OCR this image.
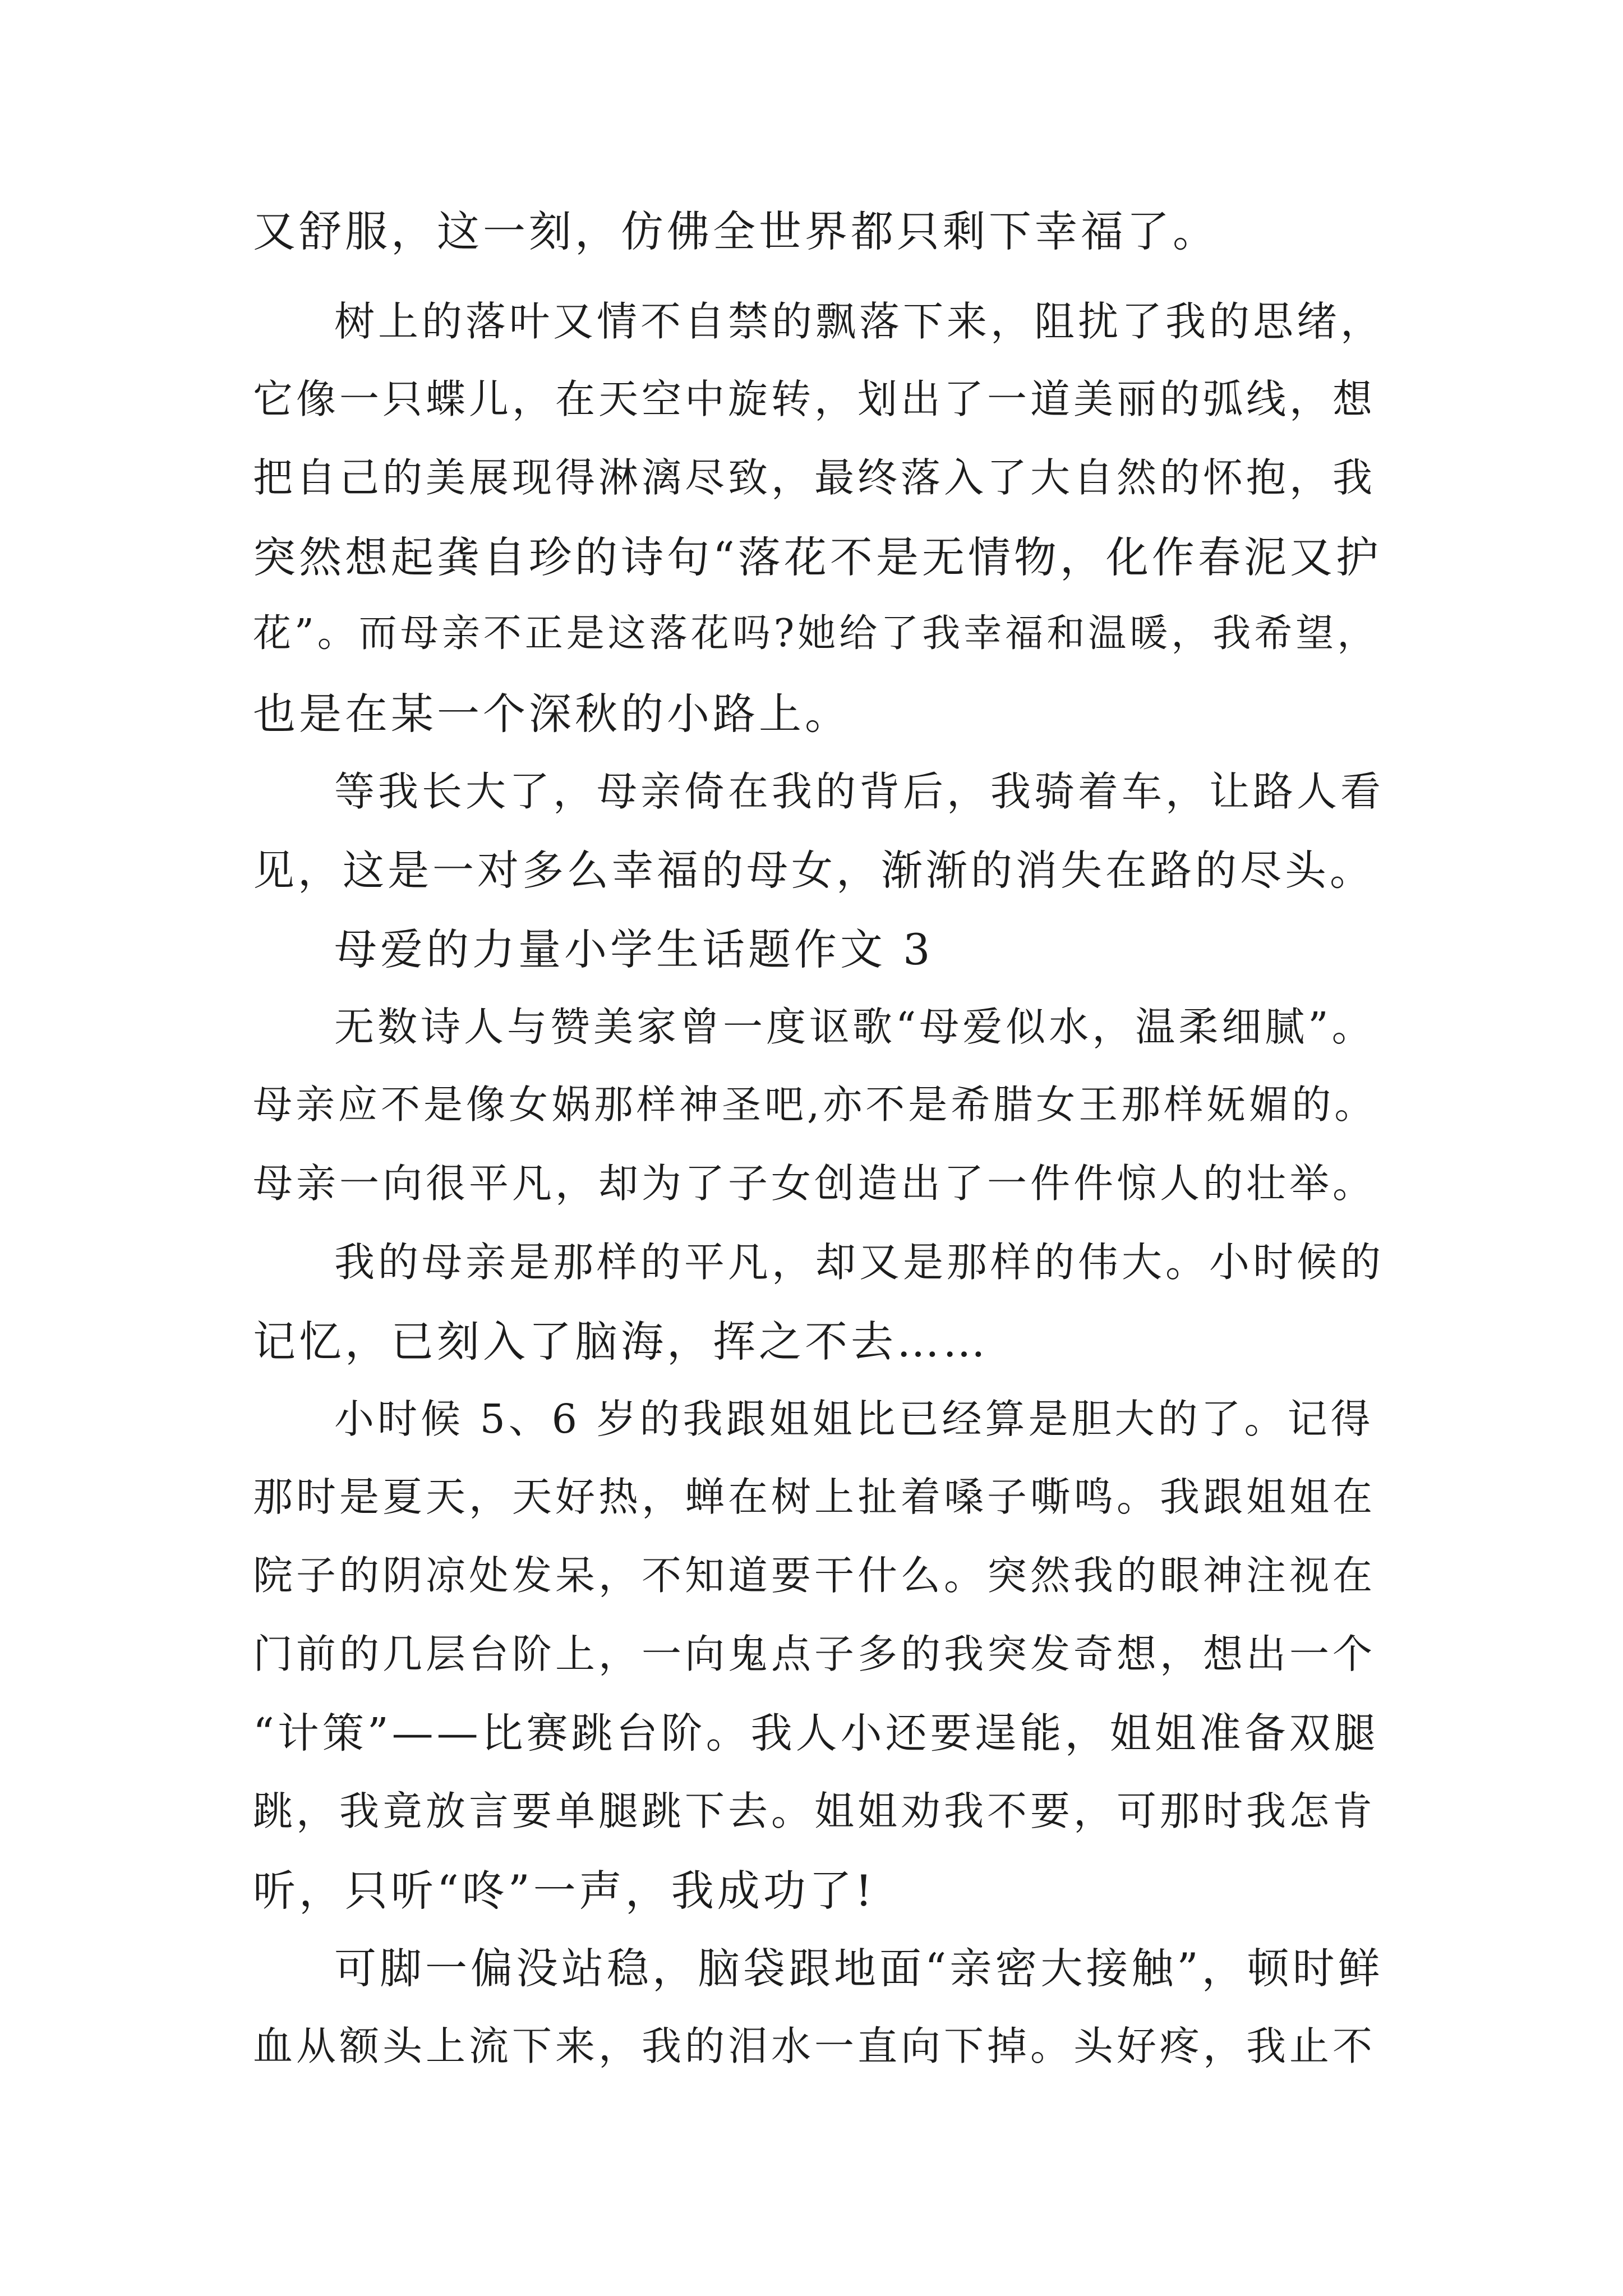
又舒服，这一刻，仿佛全世界都只剩下幸福了。
树上的落叶又情不自禁的飘落下来，阻扰了我的思绪，
它像一只蝶儿，在天空中旋转，划出了一道美丽的弧线，想
把自己的美展现得淋漓尽致，最终落入了大自然的怀抱，我
突然想起龚自珍的诗句“落花不是无情物，化作春泥又护
花”。而母亲不正是这落花吗?她给了我幸福和温暖，我希望，
也是在某一个深秋的小路上。
等我长大了，母亲倚在我的背后，我骑着车，让路人看
见，这是一对多么幸福的母女，渐渐的消失在路的尽头。
母爱的力量小学生话题作文 3
无数诗人与赞美家曾一度讴歌“母爱似水，温柔细腻”。
母亲应不是像女娲那样神圣吧,亦不是希腊女王那样妩媚的。
母亲一向很平凡，却为了子女创造出了一件件惊人的壮举。
我的母亲是那样的平凡，却又是那样的伟大。小时候的
记忆，已刻入了脑海，挥之不去……
小时候 5、6 岁的我跟姐姐比已经算是胆大的了。记得
那时是夏天，天好热，蝉在树上扯着嗓子嘶鸣。我跟姐姐在
院子的阴凉处发呆，不知道要干什么。突然我的眼神注视在
门前的几层台阶上，一向鬼点子多的我突发奇想，想出一个
“计策”——比赛跳台阶。我人小还要逞能，姐姐准备双腿
跳，我竟放言要单腿跳下去。姐姐劝我不要，可那时我怎肯
听，只听“咚”一声，我成功了!
可脚一偏没站稳，脑袋跟地面“亲密大接触”，顿时鲜
血从额头上流下来，我的泪水一直向下掉。头好疼，我止不
